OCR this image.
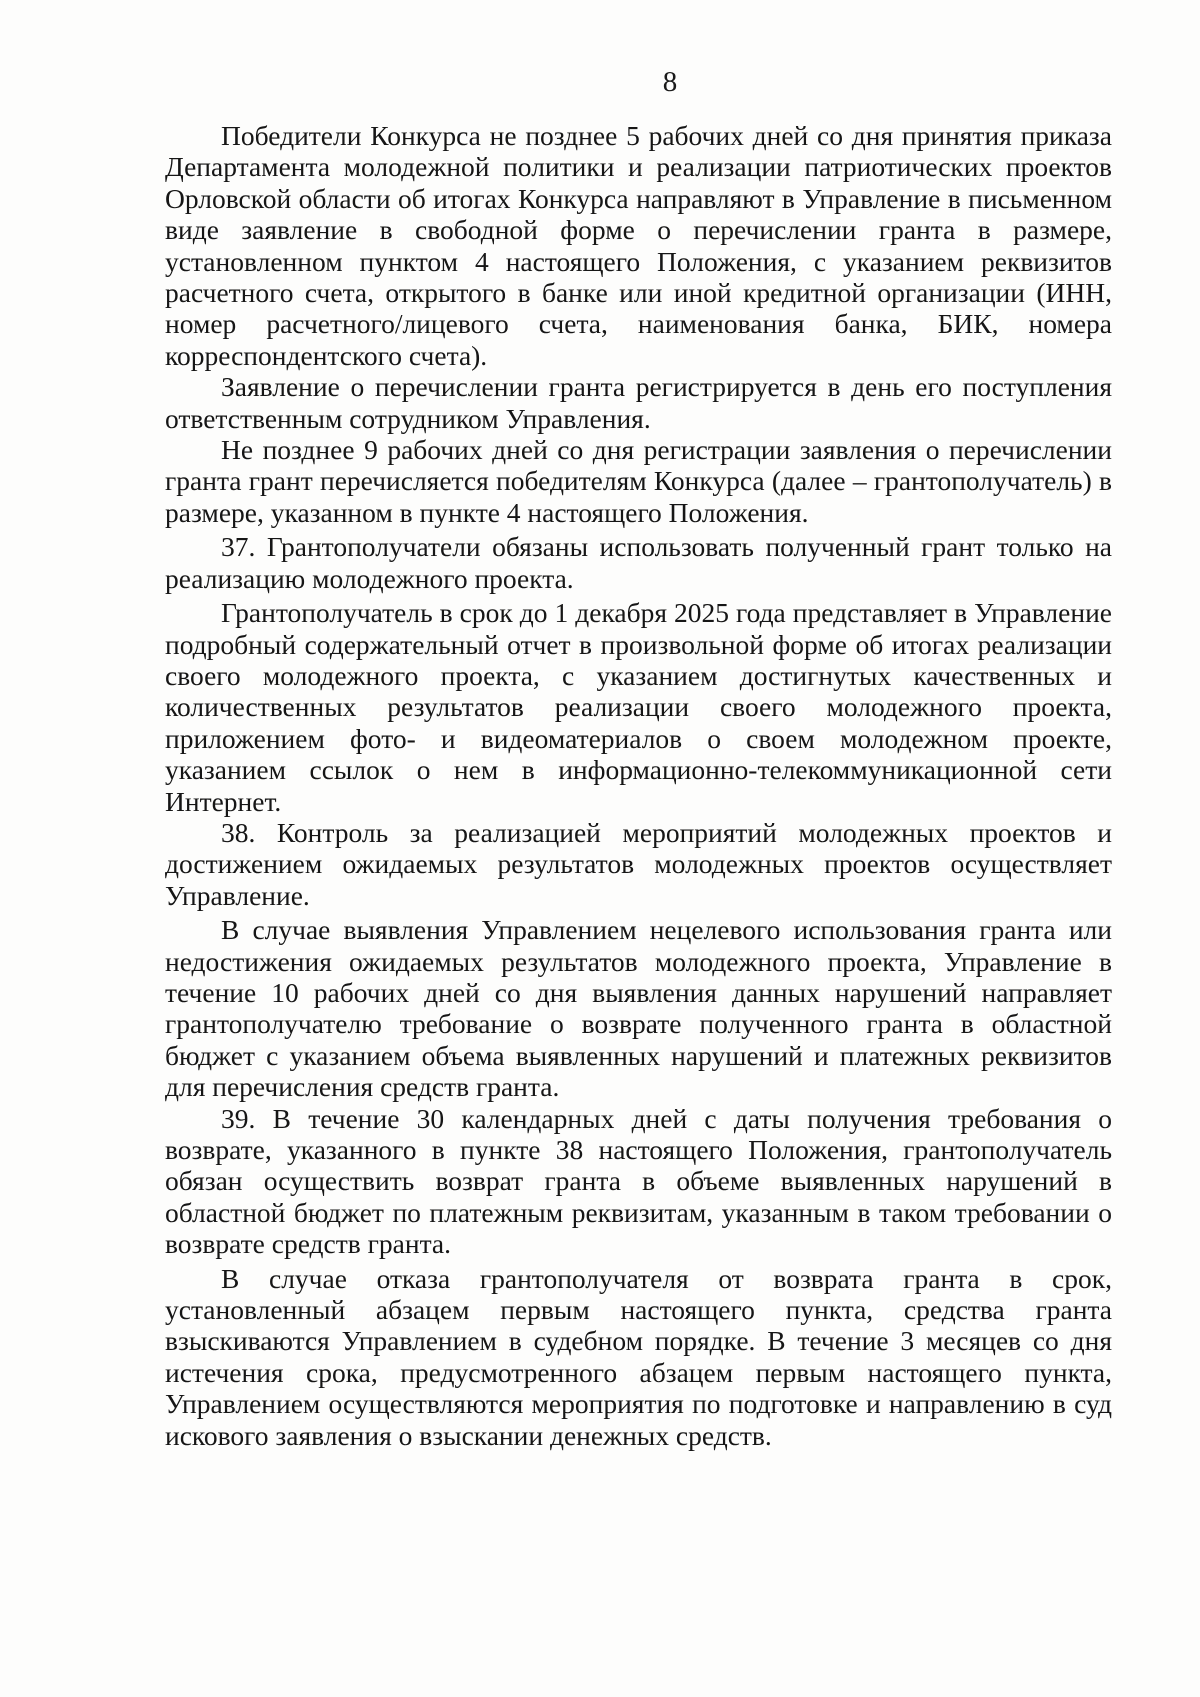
8

Победители Конкурса не позднее 5 рабочих дней со дня принятия приказа Департамента молодежной политики и реализации патриотических проектов Орловской области об итогах Конкурса направляют в Управление в письменном виде заявление в свободной форме о перечислении гранта в размере, установленном пунктом 4 настоящего Положения, с указанием реквизитов расчетного счета, открытого в банке или иной кредитной организации (ИНН, номер расчетного/лицевого счета, наименования банка, БИК, номера корреспондентского счета).

Заявление о перечислении гранта регистрируется в день его поступления ответственным сотрудником Управления.

Не позднее 9 рабочих дней со дня регистрации заявления о перечислении гранта грант перечисляется победителям Конкурса (далее – грантополучатель) в размере, указанном в пункте 4 настоящего Положения.

37. Грантополучатели обязаны использовать полученный грант только на реализацию молодежного проекта.

Грантополучатель в срок до 1 декабря 2025 года представляет в Управление подробный содержательный отчет в произвольной форме об итогах реализации своего молодежного проекта, с указанием достигнутых качественных и количественных результатов реализации своего молодежного проекта, приложением фото- и видеоматериалов о своем молодежном проекте, указанием ссылок о нем в информационно-телекоммуникационной сети Интернет.

38. Контроль за реализацией мероприятий молодежных проектов и достижением ожидаемых результатов молодежных проектов осуществляет Управление.

В случае выявления Управлением нецелевого использования гранта или недостижения ожидаемых результатов молодежного проекта, Управление в течение 10 рабочих дней со дня выявления данных нарушений направляет грантополучателю требование о возврате полученного гранта в областной бюджет с указанием объема выявленных нарушений и платежных реквизитов для перечисления средств гранта.

39. В течение 30 календарных дней с даты получения требования о возврате, указанного в пункте 38 настоящего Положения, грантополучатель обязан осуществить возврат гранта в объеме выявленных нарушений в областной бюджет по платежным реквизитам, указанным в таком требовании о возврате средств гранта.

В случае отказа грантополучателя от возврата гранта в срок, установленный абзацем первым настоящего пункта, средства гранта взыскиваются Управлением в судебном порядке. В течение 3 месяцев со дня истечения срока, предусмотренного абзацем первым настоящего пункта, Управлением осуществляются мероприятия по подготовке и направлению в суд искового заявления о взыскании денежных средств.
